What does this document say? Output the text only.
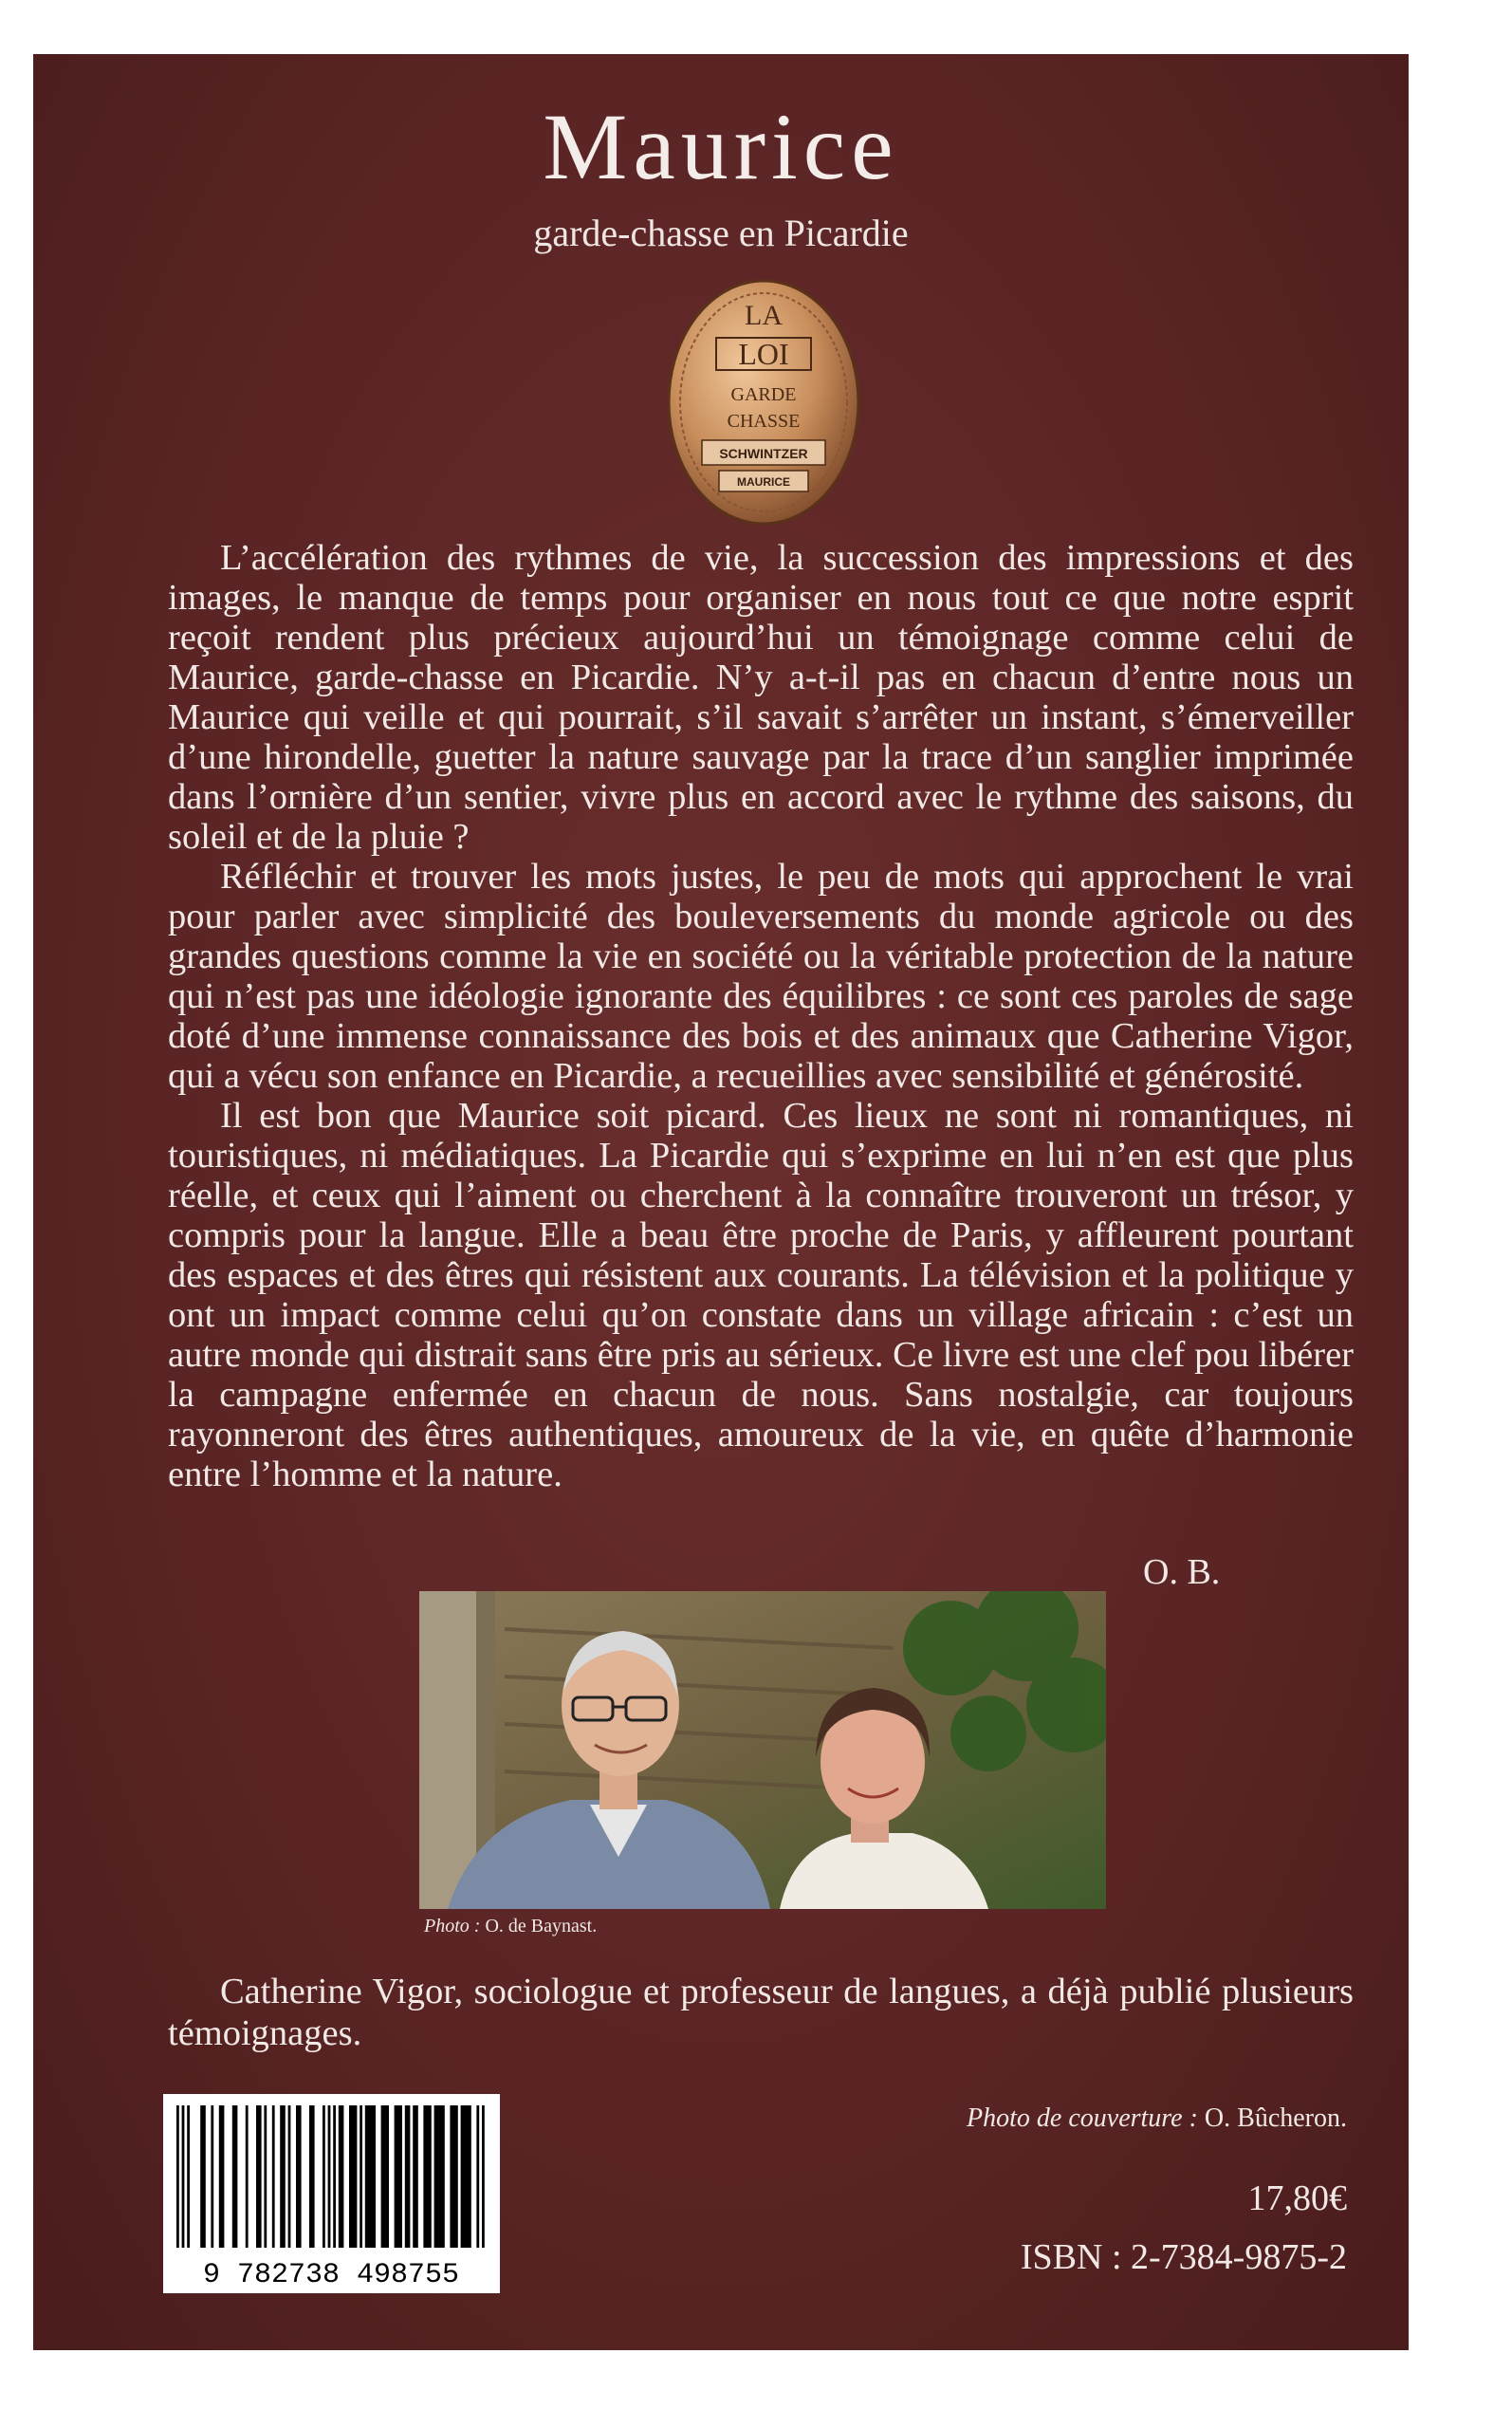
Maurice
garde-chasse en Picardie
LA
LOI
GARDE
CHASSE
SCHWINTZER
MAURICE

L’accélération des rythmes de vie, la succession des impressions et des images, le manque de temps pour organiser en nous tout ce que notre esprit reçoit rendent plus précieux aujourd’hui un témoignage comme celui de Maurice, garde-chasse en Picardie. N’y a-t-il pas en chacun d’entre nous un Maurice qui veille et qui pourrait, s’il savait s’arrêter un instant, s’émerveiller d’une hirondelle, guetter la nature sauvage par la trace d’un sanglier imprimée dans l’ornière d’un sentier, vivre plus en accord avec le rythme des saisons, du soleil et de la pluie ?

Réfléchir et trouver les mots justes, le peu de mots qui approchent le vrai pour parler avec simplicité des bouleversements du monde agricole ou des grandes questions comme la vie en société ou la véritable protection de la nature qui n’est pas une idéologie ignorante des équilibres : ce sont ces paroles de sage doté d’une immense connaissance des bois et des animaux que Catherine Vigor, qui a vécu son enfance en Picardie, a recueillies avec sensibilité et générosité.

Il est bon que Maurice soit picard. Ces lieux ne sont ni romantiques, ni touristiques, ni médiatiques. La Picardie qui s’exprime en lui n’en est que plus réelle, et ceux qui l’aiment ou cherchent à la connaître trouveront un trésor, y compris pour la langue. Elle a beau être proche de Paris, y affleurent pourtant des espaces et des êtres qui résistent aux courants. La télévision et la politique y ont un impact comme celui qu’on constate dans un village africain : c’est un autre monde qui distrait sans être pris au sérieux. Ce livre est une clef pou libérer la campagne enfermée en chacun de nous. Sans nostalgie, car toujours rayonneront des êtres authentiques, amoureux de la vie, en quête d’harmonie entre l’homme et la nature.

O. B.
Photo : O. de Baynast.

Catherine Vigor, sociologue et professeur de langues, a déjà publié plusieurs témoignages.

9 782738 498755
Photo de couverture : O. Bûcheron.
17,80€
ISBN : 2-7384-9875-2
